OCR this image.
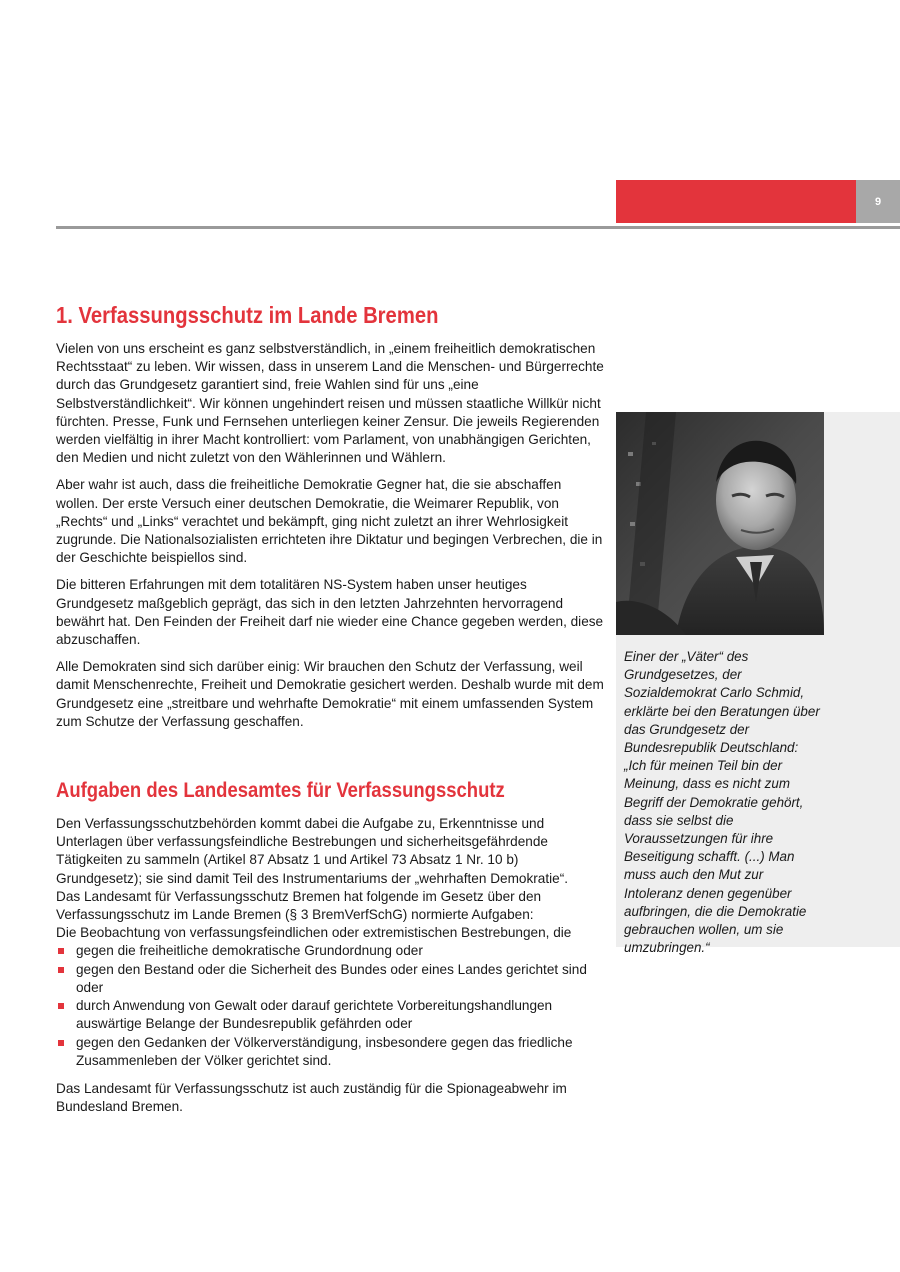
9
1. Verfassungsschutz im Lande Bremen

Vielen von uns erscheint es ganz selbstverständlich, in „einem freiheitlich demokratischen Rechtsstaat“ zu leben. Wir wissen, dass in unserem Land die Menschen- und Bürgerrechte durch das Grundgesetz garantiert sind, freie Wahlen sind für uns „eine Selbstverständlichkeit“. Wir können ungehindert reisen und müssen staatliche Willkür nicht fürchten. Presse, Funk und Fernsehen unterliegen keiner Zensur. Die jeweils Regierenden werden vielfältig in ihrer Macht kontrolliert: vom Parlament, von unabhängigen Gerichten, den Medien und nicht zuletzt von den Wählerinnen und Wählern.

Aber wahr ist auch, dass die freiheitliche Demokratie Gegner hat, die sie abschaffen wollen. Der erste Versuch einer deutschen Demokratie, die Weimarer Republik, von „Rechts“ und „Links“ verachtet und bekämpft, ging nicht zuletzt an ihrer Wehrlosigkeit zugrunde. Die Nationalsozialisten errichteten ihre Diktatur und begingen Verbrechen, die in der Geschichte beispiellos sind.

Die bitteren Erfahrungen mit dem totalitären NS-System haben unser heutiges Grundgesetz maßgeblich geprägt, das sich in den letzten Jahrzehnten hervorragend bewährt hat. Den Feinden der Freiheit darf nie wieder eine Chance gegeben werden, diese abzuschaffen.

Alle Demokraten sind sich darüber einig: Wir brauchen den Schutz der Verfassung, weil damit Menschenrechte, Freiheit und Demokratie gesichert werden. Deshalb wurde mit dem Grundgesetz eine „streitbare und wehrhafte Demokratie“ mit einem umfassenden System zum Schutze der Verfassung geschaffen.

Aufgaben des Landesamtes für Verfassungsschutz

Den Verfassungsschutzbehörden kommt dabei die Aufgabe zu, Erkenntnisse und Unterlagen über verfassungsfeindliche Bestrebungen und sicherheitsgefährdende Tätigkeiten zu sammeln (Artikel 87 Absatz 1 und Artikel 73 Absatz 1 Nr. 10 b) Grundgesetz); sie sind damit Teil des Instrumentariums der „wehrhaften Demokratie“.

Das Landesamt für Verfassungsschutz Bremen hat folgende im Gesetz über den Verfassungsschutz im Lande Bremen (§ 3 BremVerfSchG) normierte Aufgaben:

Die Beobachtung von verfassungsfeindlichen oder extremistischen Bestrebungen, die

gegen die freiheitliche demokratische Grundordnung oder
gegen den Bestand oder die Sicherheit des Bundes oder eines Landes gerichtet sind oder
durch Anwendung von Gewalt oder darauf gerichtete Vorbereitungshandlungen auswärtige Belange der Bundesrepublik gefährden oder
gegen den Gedanken der Völkerverständigung, insbesondere gegen das friedliche Zusammenleben der Völker gerichtet sind.

Das Landesamt für Verfassungsschutz ist auch zuständig für die Spionageabwehr im Bundesland Bremen.

Einer der „Väter“ des Grundgesetzes, der Sozialdemokrat Carlo Schmid, erklärte bei den Beratungen über das Grundgesetz der Bundesrepublik Deutschland: „Ich für meinen Teil bin der Meinung, dass es nicht zum Begriff der Demokratie gehört, dass sie selbst die Voraussetzungen für ihre Beseitigung schafft. (...) Man muss auch den Mut zur Intoleranz denen gegenüber aufbringen, die die Demokratie gebrauchen wollen, um sie umzubringen.“
